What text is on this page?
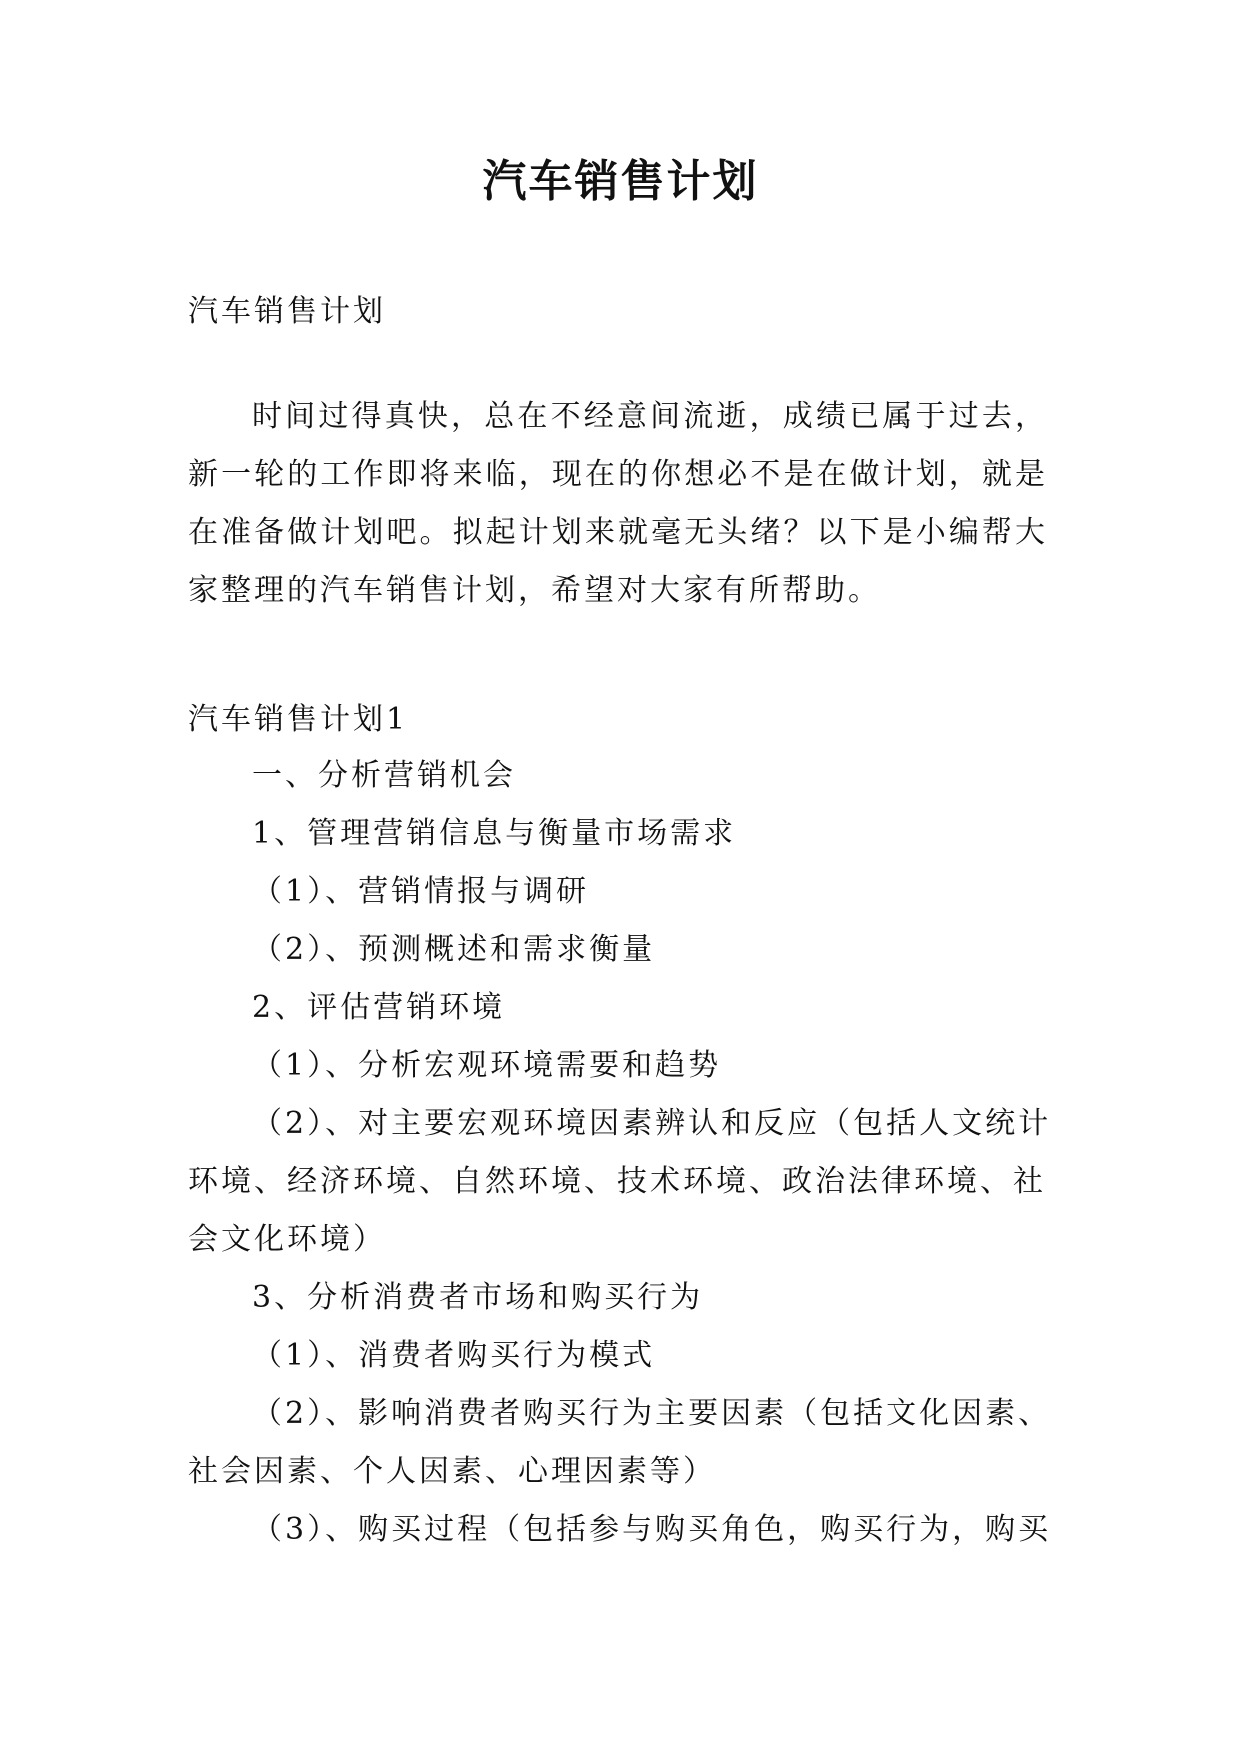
汽车销售计划
汽车销售计划
时间过得真快，总在不经意间流逝，成绩已属于过去，新一轮的工作即将来临，现在的你想必不是在做计划，就是在准备做计划吧。拟起计划来就毫无头绪？以下是小编帮大家整理的汽车销售计划，希望对大家有所帮助。
汽车销售计划1
一、分析营销机会
1、管理营销信息与衡量市场需求
（1）、营销情报与调研
（2）、预测概述和需求衡量
2、评估营销环境
（1）、分析宏观环境需要和趋势
（2）、对主要宏观环境因素辨认和反应（包括人文统计
环境、经济环境、自然环境、技术环境、政治法律环境、社
会文化环境）
3、分析消费者市场和购买行为
（1）、消费者购买行为模式
（2）、影响消费者购买行为主要因素（包括文化因素、
社会因素、个人因素、心理因素等）
（3）、购买过程（包括参与购买角色，购买行为，购买
